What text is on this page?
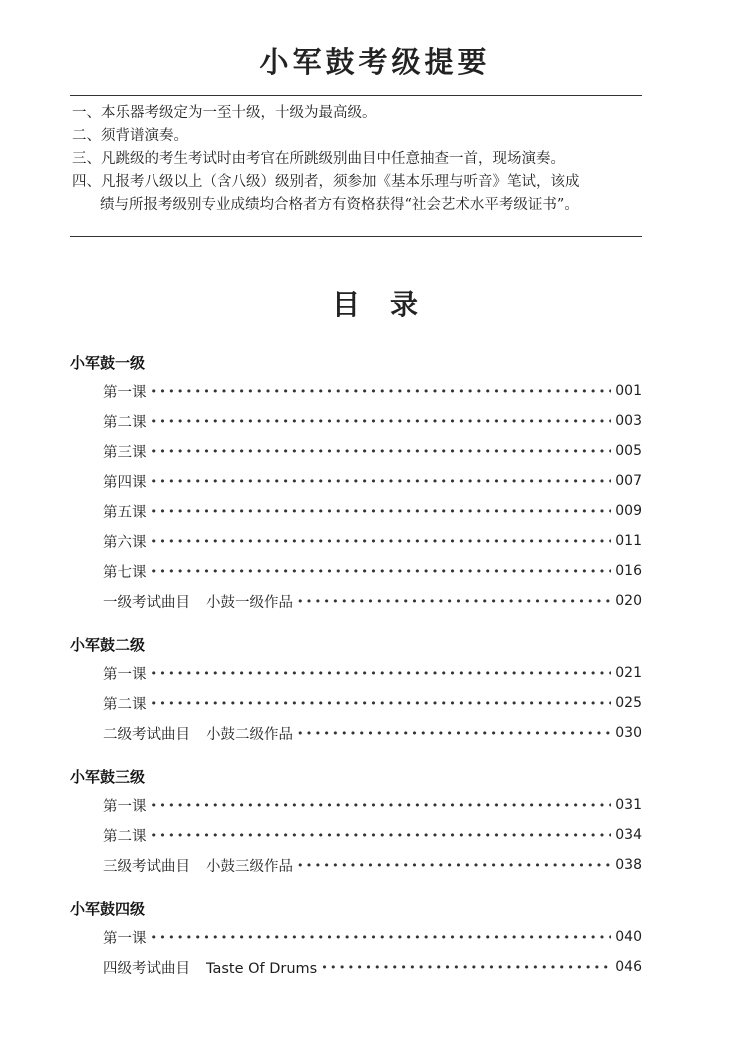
小军鼓考级提要
一、 本乐器考级定为一至十级，十级为最高级。
二、 须背谱演奏。
三、 凡跳级的考生考试时由考官在所跳级别曲目中任意抽查一首，现场演奏。
四、 凡报考八级以上（含八级）级别者，须参加《基本乐理与听音》笔试，该成
绩与所报考级别专业成绩均合格者方有资格获得“社会艺术水平考级证书”。
目录
小军鼓一级
第一课 •••••	001
第二课 •••••	003
第三课 •••••	005
第四课 •••••	007
第五课 •••••	009
第六课 •••••	011
第七课 •••••	016
一级考试曲目 小鼓一级作品 •••••	020
小军鼓二级
第一课 •••••	021
第二课 •••••	025
二级考试曲目 小鼓二级作品 •••••	030
小军鼓三级
第一课 •••••	031
第二课 •••••	034
三级考试曲目 小鼓三级作品 •••••	038
小军鼓四级
第一课 •••••	040
四级考试曲目 Taste Of Drums •••••	046
